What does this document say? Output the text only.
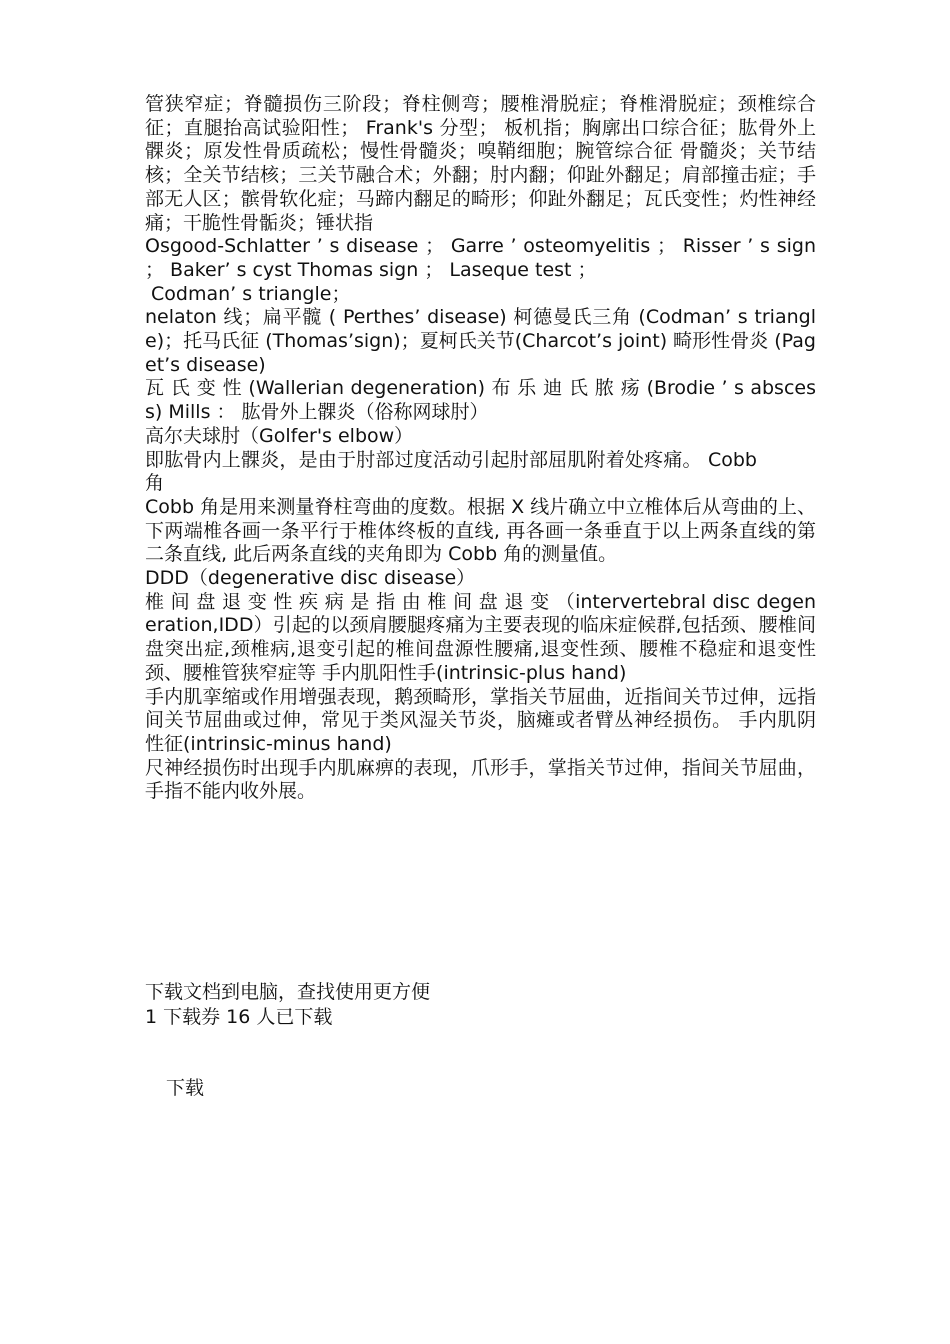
管狭窄症；脊髓损伤三阶段；脊柱侧弯；腰椎滑脱症；脊椎滑脱症；颈椎综合征；直腿抬高试验阳性； Frank's 分型； 板机指；胸廓出口综合征；肱骨外上髁炎；原发性骨质疏松；慢性骨髓炎；嗅鞘细胞；腕管综合征 骨髓炎；关节结核；全关节结核；三关节融合术；外翻；肘内翻；仰趾外翻足；肩部撞击症；手部无人区；髌骨软化症；马蹄内翻足的畸形；仰趾外翻足；瓦氏变性；灼性神经痛；干脆性骨骺炎；锤状指

Osgood-Schlatter ’ s disease ； Garre ’ osteomyelitis ； Risser ’ s sign ； Baker’ s cyst Thomas sign ； Laseque test ；

Codman’ s triangle；

nelaton 线；扁平髋 ( Perthes’ disease) 柯德曼氏三角 (Codman’ s triangle)；托马氏征 (Thomas’sign)；夏柯氏关节(Charcot’s joint) 畸形性骨炎 (Paget’s disease)

瓦 氏 变 性 (Wallerian degeneration) 布 乐 迪 氏 脓 疡 (Brodie ’ s abscess) Mills ： 肱骨外上髁炎（俗称网球肘）

高尔夫球肘（Golfer's elbow）

即肱骨内上髁炎，是由于肘部过度活动引起肘部屈肌附着处疼痛。 Cobb 角

Cobb 角是用来测量脊柱弯曲的度数。根据 X 线片确立中立椎体后从弯曲的上、下两端椎各画一条平行于椎体终板的直线, 再各画一条垂直于以上两条直线的第二条直线, 此后两条直线的夹角即为 Cobb 角的测量值。

DDD（degenerative disc disease）

椎 间 盘 退 变 性 疾 病 是 指 由 椎 间 盘 退 变 （intervertebral disc degeneration,IDD）引起的以颈肩腰腿疼痛为主要表现的临床症候群,包括颈、腰椎间盘突出症,颈椎病,退变引起的椎间盘源性腰痛,退变性颈、腰椎不稳症和退变性颈、腰椎管狭窄症等 手内肌阳性手(intrinsic-plus hand)

手内肌挛缩或作用增强表现，鹅颈畸形，掌指关节屈曲，近指间关节过伸，远指间关节屈曲或过伸，常见于类风湿关节炎，脑瘫或者臂丛神经损伤。 手内肌阴性征(intrinsic-minus hand)

尺神经损伤时出现手内肌麻痹的表现，爪形手，掌指关节过伸，指间关节屈曲，手指不能内收外展。

下载文档到电脑，查找使用更方便
1 下载券 16 人已下载
下载
